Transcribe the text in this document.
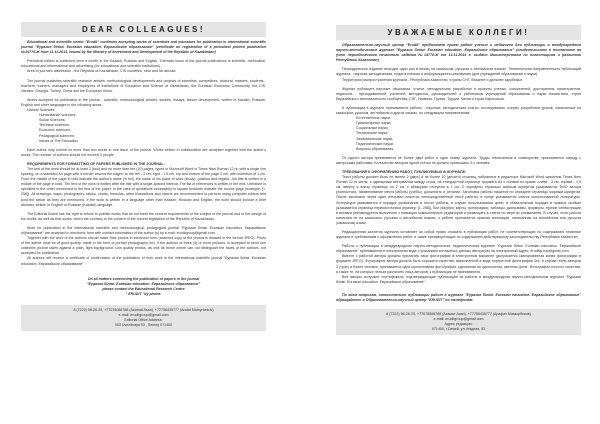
DEAR COLLEAGUES!

Educational and scientific center "Erudit" continues accepting works of scientists and educators for publication in international scientific journal "Еуразия білімі. Eurasian education. Евразийское образование" (certificate on registration of a periodical printed publication №14770-Ж from 11.11.2014, issued by the Ministry of Investment and Development of the Republic of Kazakhstan)

Periodical edition is published once a month in the Kazakh, Russian and English. Thematic focus of the journal publications is scientific, methodical, educational and informational and advertising (for educational and scientific institutions).

Area of journal's distribution - the Republic of Kazakhstan, CIS countries, near and far abroad.

The journal publishes scientific research articles, methodological developments and projects of scientists, competitors, doctoral, masters, students - teachers, trainers, managers and employees of institutions of Education and Science of Kazakhstan, the Eurasian Economic Community, the CIS, Ukraine, Georgia, Turkey, China and the European Union.

Works accepted for publication in the journal - scientific, methodological articles, studies, essays, lesson development, written in Kazakh, Russian, English and other languages in the following areas:

Natural Sciences;
Humanitarian sciences;
Social Sciences;
Technical sciences;
Economic sciences;
Pedagogical sciences;
Issues of The Education.

Each author may submit no more than two works in one issue of the journal. Works written in collaboration are accepted together with the author's works. The number of authors should not exceed 3 people.

REQUIREMENTS FOR FORMATTING OF PAPERS PUBLISHED IN THE JOURNAL:

The text of the work should be at least 2 (two) and no more than ten (10) pages, typed in Microsoft Word in Times New Roman 12 pt, with a single line spacing, on a standard A4 page with a border around the edges: to the left - 3 cm, right - 1.5 cm, top and bottom of the page 2 cm, with indention of 1 cm. From the middle of the page in bold indicate the author's name (in full), the name of his place of work (study), position and regalia. Job title is written in a middle of the page in bold. The text of the work is written after the title with a single-spaced interval. The list of references is written in the end. Literature is specified in the order mentioned in the text of the paper, in the case of quotations necessarily in square brackets indicate the source page (example: [1, 256]). All drawings, maps, photographs, tables, charts, formulas, other illustrations and inserts are recommended to perform using computer editors and post the article as they are mentioned. If the work is written in a language other than Kazakh, Russian and English, the work should include a brief abstract, written in English or Russian (Kazakh) language.

The Editorial Board has the right to refuse to publish works that do not meet the content requirements of the subject of the journal and to the design of the works, as well as that works, which are contrary to the content of the current legislation of the Republic of Kazakhstan.

Work for publication in the international scientific and methodological, pedagogical journal "Еуразия білімі. Eurasian education. Евразийское образование" are accepted in electronic form with contact information of the author (s) by e-mail: eruditgroup@gmail.com.

Together with the work of the authors should make their photos in electronic form (scanned copy of the photos is allowed in the format JPEG). Photo of the author must be of good quality, made in the form of portrait photography 3x4, if the authors of three (3) or more persons, is accepted to send one collective picture taken against a plain, light background. Low quality photos, as well as those where can not distinguish the faces of the authors, not accepted for publication.

All authors will receive a certificate of confirmation of the publication of their work in the international scientific journal "Еуразия білімі. Eurasian education. Евразийское образование".

On all matters concerning the publication of papers in the journal
"Еуразия білімі. Eurasian education. Евразийское образование"
please contact the Educational Research Centre
" ERUDIT "by phone:
8 (7222) 56-26-25, +77078086788 (Azamat Asan), +77758435777 (Arafat Mamyrbekov)
e-mail: eruditgroup@gmail.com
Editorial Office Address:
003 Uvezdnaya 53 , Semey 071400
УВАЖАЕМЫЕ КОЛЛЕГИ!

Образовательно-научный центр "Erudit" продолжает прием работ ученых и педагогов для публикации в международном научно-методическом журнале "Еуразия білімі. Eurasian education. Евразийское образование" (свидетельство о постановке на учет периодического печатного издания №14770-Ж от 14.11.2014 г. выдано Министерством по инвестициям и развитию Республики Казахстан)

Периодическое издание выходит один раз в месяц на казахском, русском и английском языках. Тематическая направленность публикаций журнала - научная, методическая, педагогическая и информационно-рекламная (для учреждений образования и науки).

Территория распространения журнала - Республика Казахстан, страны СНГ, ближнее и дальнее зарубежье.

Журнал публикует научные изыскания, статьи, методические разработки и проекты ученых, соискателей, докторантов, магистрантов, педагогов - преподавателей, учителей, методистов, руководителей и работников учреждений образования и науки Казахстана, стран Евразийского экономического сообщества, СНГ, Украины, Грузии, Турции, Китая и стран Евросоюза.

К публикации в журнале принимаются работы - научные, методические статьи, исследования, очерки, разработки уроков, написанные на казахском, русском, английском и других языках, по следующим направлениям:

Естественные науки;
Гуманитарные науки;
Социальные науки;
Технические науки;
Экономические науки;
Педагогические науки;
Вопросы образования.

От одного автора принимается не более двух работ в один номер журнала. Труды, написанные в соавторстве, принимаются наряду с авторскими работами. Количество авторов одной статьи не должно превышать 3-х человек.

ТРЕБОВАНИЯ К ОФОРМЛЕНИЮ РАБОТ, ПУБЛИКУЕМЫХ В ЖУРНАЛЕ:

Текст работы должен быть не менее 2 (двух) и не более 10 (десяти) страниц, набранных в редакторе Microsoft Word шрифтом Times New Roman 12-го кегля, с одинарным интервалом между строк, на стандартной странице формата А4 с полями по краям: слева - 3 см, справа - 1,5 см, вверху и внизу страницы по 2 см, с абзацным отступом в 1 см. С середины страницы жирным шрифтом указываются ФИО автора (полностью), наименование места работы (учебы), должность и регалии. Заголовок работы пишется по середине страницы жирным шрифтом. После заголовка через один интервал пишется непосредственный текст работы, в конце указывается список использованной литературы. Литература указывается в порядке упоминания в тексте работы, в случае использования цитат, в обязательном порядке в прямых скобках указывается страница первоисточника (пример: [1, 256]). Все рисунки, карты, фотографии, таблицы, диаграммы, формулы, прочие иллюстрации и вставки рекомендуется выполнять с помощью компьютерных редакторов и размещать в статье по мере их упоминания. В случае, если работа написана не на казахском, русском и английском языках, к работе прилагается краткая аннотация, написанная на английском или русском (казахском) языке.

Редакционная коллегия журнала оставляет за собой право отказать в публикации работ, не соответствующих по содержанию тематике журнала и требованиям к оформлению работ, а также противоречащих по содержанию действующему законодательству Республики Казахстан.

Работы к публикации в международном научно-методическом, педагогическом журнале "Еуразия білімі. Eurasian education. Евразийское образование" принимаются в электронном виде с указанием контактных данных автора(ов) на электронный адрес: eruditgroup@gmail.com.

Вместе с работой авторы должны прилагать свои фотографии в электронном варианте (допускается сканированная копия фотографии в формате JPEG). Фотография автора должна быть хорошего качества, выполненной в виде портретной фотографии 3х4, в случае, если авторов 3 (трое) и более человек, принимается одна коллективная фотография, сделанная на однотонном, светлом фоне. Фотографии плохого качества, а также те, на которых нельзя различить лица авторов, к публикации не принимаются.

Все авторы получают сертификаты, подтверждающие публикацию их работы в международном научно-методическом журнале "Еуразия білімі. Eurasian education. Евразийское образование".

По всем вопросам, относительно публикации работ в журнале "Еуразия білімі. Eurasian education. Евразийское образование" обращайтесь в Образовательно-научный центр "ERUDIT" по телефонам:

8 (7222) 56-26-25, +77078086788 (Азамат Асан), +77758435777 (Арафат Мамырбеков)
e-mail: eruditgroup@gmail.com
Адрес редакции:
071400, г.Семей, ул.Уездная, 53
